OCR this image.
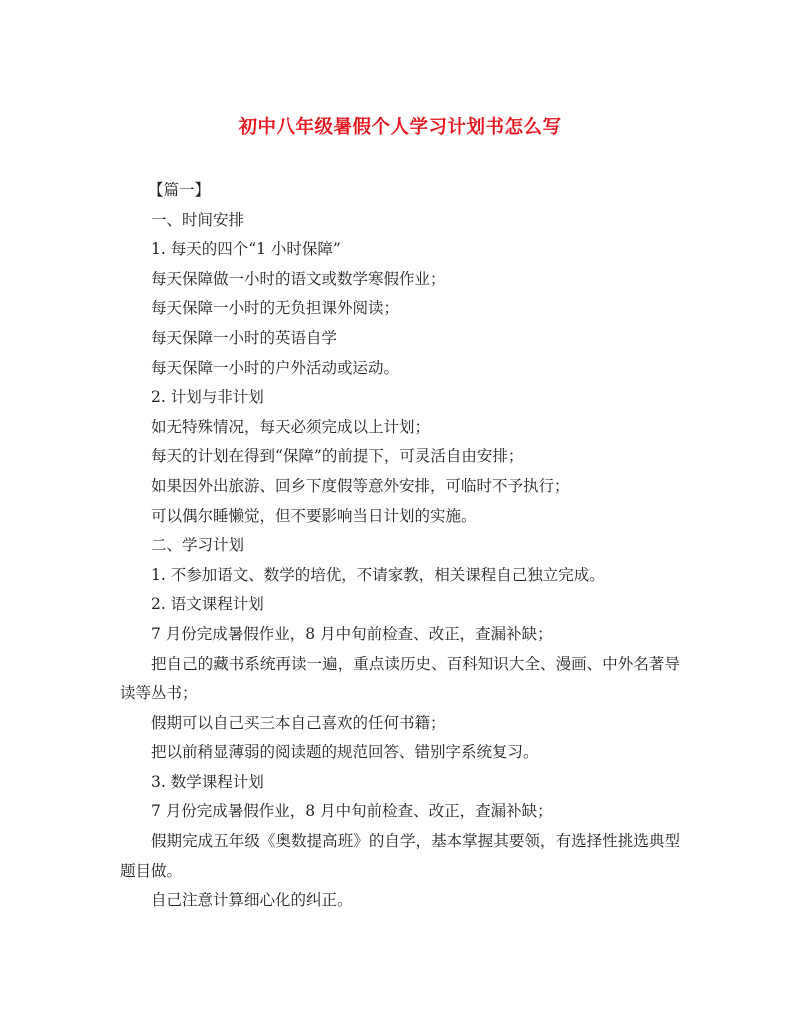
初中八年级暑假个人学习计划书怎么写

【篇一】

一、时间安排

1. 每天的四个“1 小时保障”

每天保障做一小时的语文或数学寒假作业；

每天保障一小时的无负担课外阅读；

每天保障一小时的英语自学

每天保障一小时的户外活动或运动。

2. 计划与非计划

如无特殊情况，每天必须完成以上计划；

每天的计划在得到“保障”的前提下，可灵活自由安排；

如果因外出旅游、回乡下度假等意外安排，可临时不予执行；

可以偶尔睡懒觉，但不要影响当日计划的实施。

二、学习计划

1. 不参加语文、数学的培优，不请家教，相关课程自己独立完成。

2. 语文课程计划

7 月份完成暑假作业，8 月中旬前检查、改正，查漏补缺；

把自己的藏书系统再读一遍，重点读历史、百科知识大全、漫画、中外名著导读等丛书；

假期可以自己买三本自己喜欢的任何书籍；

把以前稍显薄弱的阅读题的规范回答、错别字系统复习。

3. 数学课程计划

7 月份完成暑假作业，8 月中旬前检查、改正，查漏补缺；

假期完成五年级《奥数提高班》的自学，基本掌握其要领，有选择性挑选典型题目做。

自己注意计算细心化的纠正。
